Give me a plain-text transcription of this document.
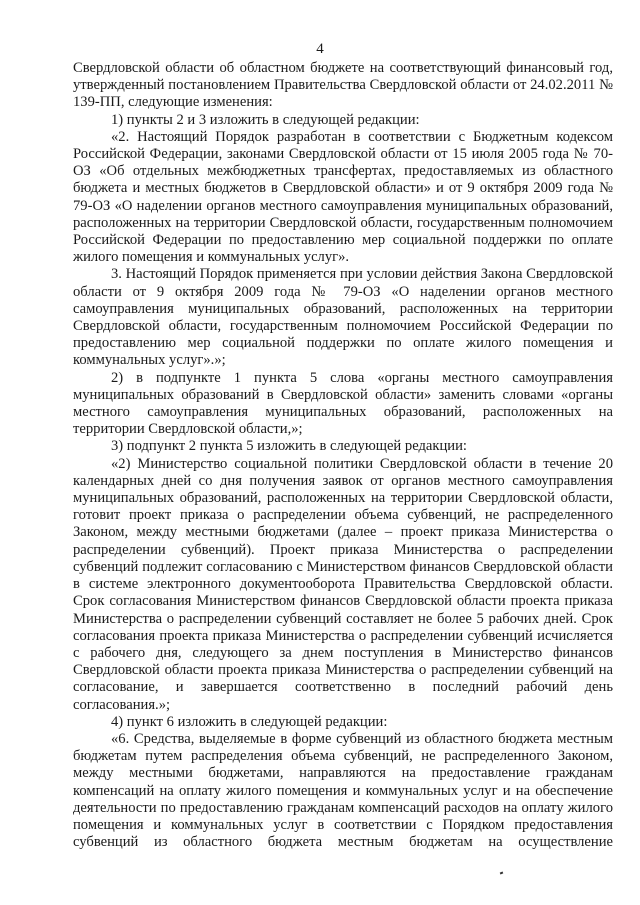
4

Свердловской области об областном бюджете на соответствующий финансовый год, утвержденный постановлением Правительства Свердловской области от 24.02.2011 № 139-ПП, следующие изменения:

1) пункты 2 и 3 изложить в следующей редакции:

«2. Настоящий Порядок разработан в соответствии с Бюджетным кодексом Российской Федерации, законами Свердловской области от 15 июля 2005 года № 70-ОЗ «Об отдельных межбюджетных трансфертах, предоставляемых из областного бюджета и местных бюджетов в Свердловской области» и от 9 октября 2009 года № 79-ОЗ «О наделении органов местного самоуправления муниципальных образований, расположенных на территории Свердловской области, государственным полномочием Российской Федерации по предоставлению мер социальной поддержки по оплате жилого помещения и коммунальных услуг».

3. Настоящий Порядок применяется при условии действия Закона Свердловской области от 9 октября 2009 года № 79-ОЗ «О наделении органов местного самоуправления муниципальных образований, расположенных на территории Свердловской области, государственным полномочием Российской Федерации по предоставлению мер социальной поддержки по оплате жилого помещения и коммунальных услуг».»;

2) в подпункте 1 пункта 5 слова «органы местного самоуправления муниципальных образований в Свердловской области» заменить словами «органы местного самоуправления муниципальных образований, расположенных на территории Свердловской области,»;

3) подпункт 2 пункта 5 изложить в следующей редакции:

«2) Министерство социальной политики Свердловской области в течение 20 календарных дней со дня получения заявок от органов местного самоуправления муниципальных образований, расположенных на территории Свердловской области, готовит проект приказа о распределении объема субвенций, не распределенного Законом, между местными бюджетами (далее – проект приказа Министерства о распределении субвенций). Проект приказа Министерства о распределении субвенций подлежит согласованию с Министерством финансов Свердловской области в системе электронного документооборота Правительства Свердловской области. Срок согласования Министерством финансов Свердловской области проекта приказа Министерства о распределении субвенций составляет не более 5 рабочих дней. Срок согласования проекта приказа Министерства о распределении субвенций исчисляется с рабочего дня, следующего за днем поступления в Министерство финансов Свердловской области проекта приказа Министерства о распределении субвенций на согласование, и завершается соответственно в последний рабочий день согласования.»;

4) пункт 6 изложить в следующей редакции:

«6. Средства, выделяемые в форме субвенций из областного бюджета местным бюджетам путем распределения объема субвенций, не распределенного Законом, между местными бюджетами, направляются на предоставление гражданам компенсаций на оплату жилого помещения и коммунальных услуг и на обеспечение деятельности по предоставлению гражданам компенсаций расходов на оплату жилого помещения и коммунальных услуг в соответствии с Порядком предоставления субвенций из областного бюджета местным бюджетам на осуществление
